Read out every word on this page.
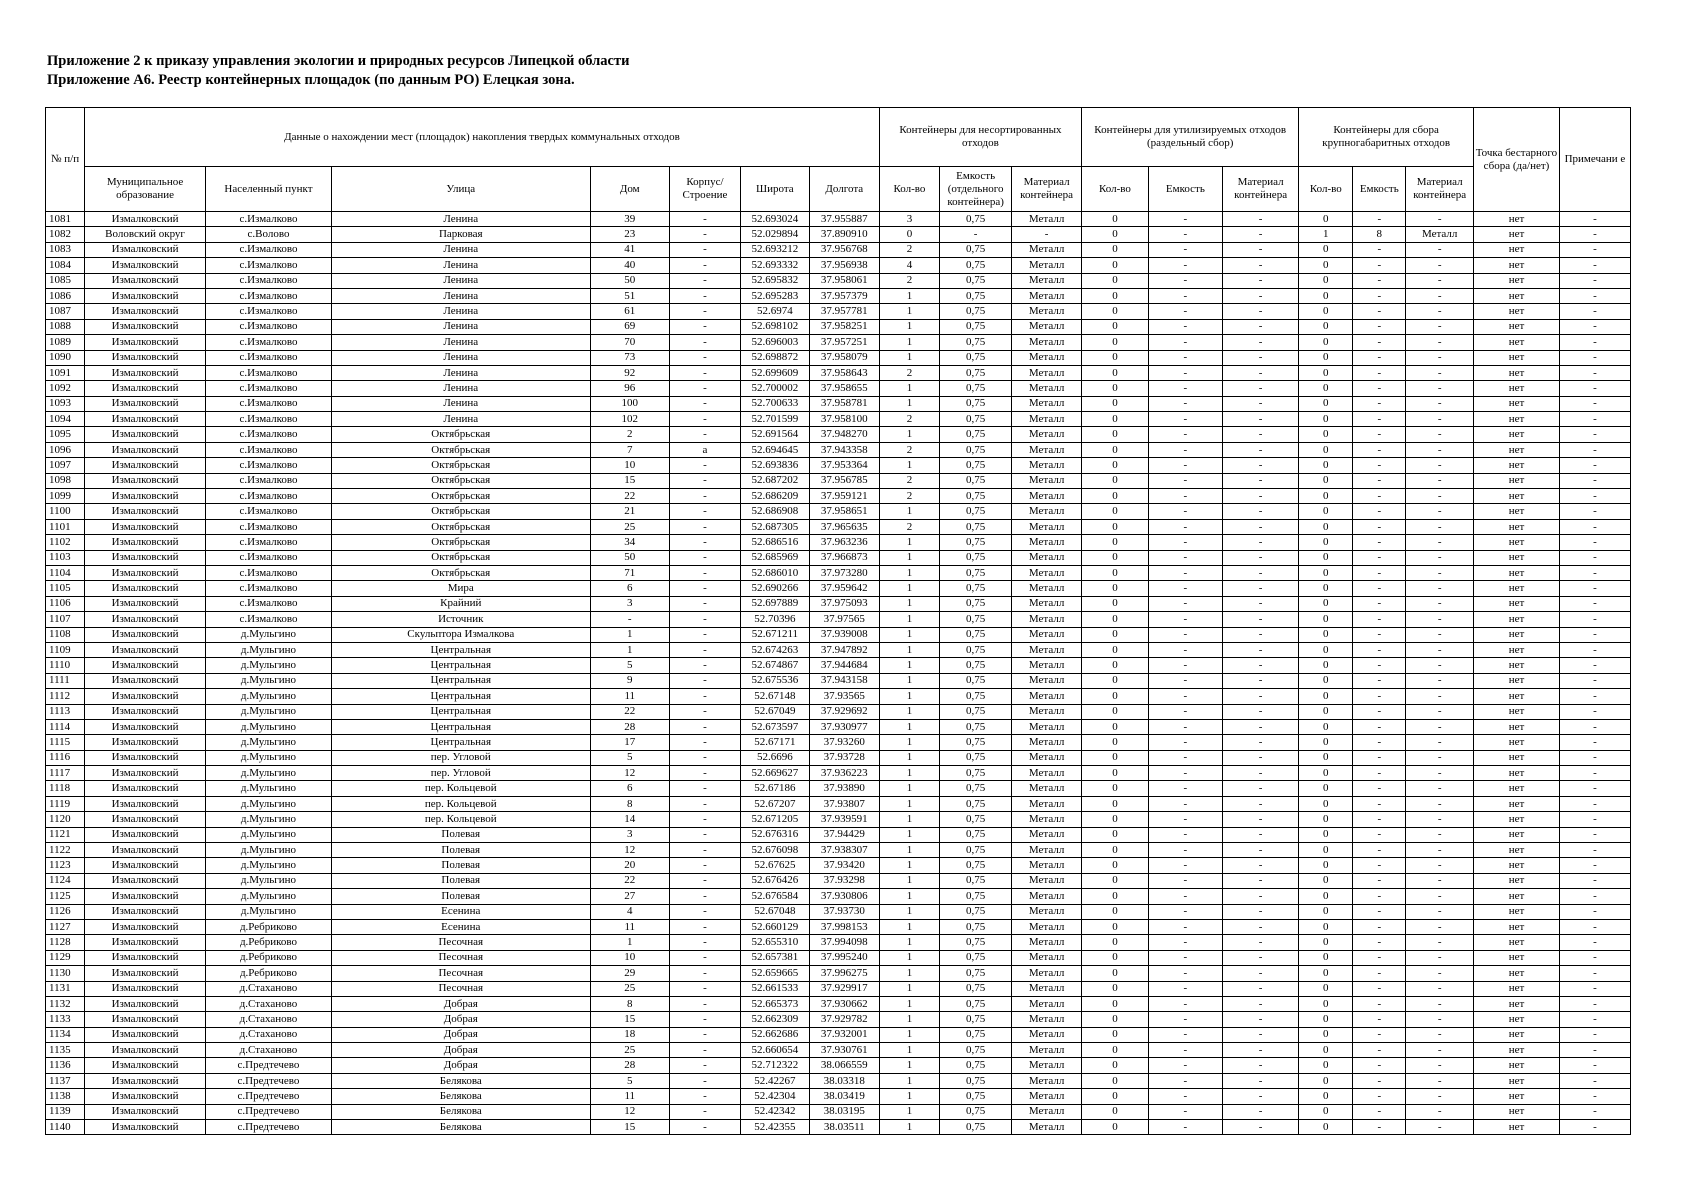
Приложение 2 к приказу управления экологии и природных ресурсов Липецкой области
Приложение А6. Реестр контейнерных площадок (по данным РО) Елецкая зона.
№ п/п	Данные о нахождении мест (площадок) накопления твердых коммунальных отходов							Контейнеры для несортированных отходов			Контейнеры для утилизируемых отходов (раздельный сбор)			Контейнеры для сбора крупногабаритных отходов			Точка бестарного сбора (да/нет)	Примечани е
	Муниципальное образование	Населенный пункт	Улица	Дом	Корпус/ Строение	Широта	Долгота	Кол-во	Емкость (отдельного контейнера)	Материал контейнера	Кол-во	Емкость	Материал контейнера	Кол-во	Емкость	Материал контейнера		
1081	Измалковский	с.Измалково	Ленина	39	-	52.693024	37.955887	3	0,75	Металл	0	-	-	0	-	-	нет	-
1082	Воловский округ	с.Волово	Парковая	23	-	52.029894	37.890910	0	-	-	0	-	-	1	8	Металл	нет	-
1083	Измалковский	с.Измалково	Ленина	41	-	52.693212	37.956768	2	0,75	Металл	0	-	-	0	-	-	нет	-
1084	Измалковский	с.Измалково	Ленина	40	-	52.693332	37.956938	4	0,75	Металл	0	-	-	0	-	-	нет	-
1085	Измалковский	с.Измалково	Ленина	50	-	52.695832	37.958061	2	0,75	Металл	0	-	-	0	-	-	нет	-
1086	Измалковский	с.Измалково	Ленина	51	-	52.695283	37.957379	1	0,75	Металл	0	-	-	0	-	-	нет	-
1087	Измалковский	с.Измалково	Ленина	61	-	52.6974	37.957781	1	0,75	Металл	0	-	-	0	-	-	нет	-
1088	Измалковский	с.Измалково	Ленина	69	-	52.698102	37.958251	1	0,75	Металл	0	-	-	0	-	-	нет	-
1089	Измалковский	с.Измалково	Ленина	70	-	52.696003	37.957251	1	0,75	Металл	0	-	-	0	-	-	нет	-
1090	Измалковский	с.Измалково	Ленина	73	-	52.698872	37.958079	1	0,75	Металл	0	-	-	0	-	-	нет	-
1091	Измалковский	с.Измалково	Ленина	92	-	52.699609	37.958643	2	0,75	Металл	0	-	-	0	-	-	нет	-
1092	Измалковский	с.Измалково	Ленина	96	-	52.700002	37.958655	1	0,75	Металл	0	-	-	0	-	-	нет	-
1093	Измалковский	с.Измалково	Ленина	100	-	52.700633	37.958781	1	0,75	Металл	0	-	-	0	-	-	нет	-
1094	Измалковский	с.Измалково	Ленина	102	-	52.701599	37.958100	2	0,75	Металл	0	-	-	0	-	-	нет	-
1095	Измалковский	с.Измалково	Октябрьская	2	-	52.691564	37.948270	1	0,75	Металл	0	-	-	0	-	-	нет	-
1096	Измалковский	с.Измалково	Октябрьская	7	а	52.694645	37.943358	2	0,75	Металл	0	-	-	0	-	-	нет	-
1097	Измалковский	с.Измалково	Октябрьская	10	-	52.693836	37.953364	1	0,75	Металл	0	-	-	0	-	-	нет	-
1098	Измалковский	с.Измалково	Октябрьская	15	-	52.687202	37.956785	2	0,75	Металл	0	-	-	0	-	-	нет	-
1099	Измалковский	с.Измалково	Октябрьская	22	-	52.686209	37.959121	2	0,75	Металл	0	-	-	0	-	-	нет	-
1100	Измалковский	с.Измалково	Октябрьская	21	-	52.686908	37.958651	1	0,75	Металл	0	-	-	0	-	-	нет	-
1101	Измалковский	с.Измалково	Октябрьская	25	-	52.687305	37.965635	2	0,75	Металл	0	-	-	0	-	-	нет	-
1102	Измалковский	с.Измалково	Октябрьская	34	-	52.686516	37.963236	1	0,75	Металл	0	-	-	0	-	-	нет	-
1103	Измалковский	с.Измалково	Октябрьская	50	-	52.685969	37.966873	1	0,75	Металл	0	-	-	0	-	-	нет	-
1104	Измалковский	с.Измалково	Октябрьская	71	-	52.686010	37.973280	1	0,75	Металл	0	-	-	0	-	-	нет	-
1105	Измалковский	с.Измалково	Мира	6	-	52.690266	37.959642	1	0,75	Металл	0	-	-	0	-	-	нет	-
1106	Измалковский	с.Измалково	Крайний	3	-	52.697889	37.975093	1	0,75	Металл	0	-	-	0	-	-	нет	-
1107	Измалковский	с.Измалково	Источник	-	-	52.70396	37.97565	1	0,75	Металл	0	-	-	0	-	-	нет	-
1108	Измалковский	д.Мульгино	Скульптора Измалкова	1	-	52.671211	37.939008	1	0,75	Металл	0	-	-	0	-	-	нет	-
1109	Измалковский	д.Мульгино	Центральная	1	-	52.674263	37.947892	1	0,75	Металл	0	-	-	0	-	-	нет	-
1110	Измалковский	д.Мульгино	Центральная	5	-	52.674867	37.944684	1	0,75	Металл	0	-	-	0	-	-	нет	-
1111	Измалковский	д.Мульгино	Центральная	9	-	52.675536	37.943158	1	0,75	Металл	0	-	-	0	-	-	нет	-
1112	Измалковский	д.Мульгино	Центральная	11	-	52.67148	37.93565	1	0,75	Металл	0	-	-	0	-	-	нет	-
1113	Измалковский	д.Мульгино	Центральная	22	-	52.67049	37.929692	1	0,75	Металл	0	-	-	0	-	-	нет	-
1114	Измалковский	д.Мульгино	Центральная	28	-	52.673597	37.930977	1	0,75	Металл	0	-	-	0	-	-	нет	-
1115	Измалковский	д.Мульгино	Центральная	17	-	52.67171	37.93260	1	0,75	Металл	0	-	-	0	-	-	нет	-
1116	Измалковский	д.Мульгино	пер. Угловой	5	-	52.6696	37.93728	1	0,75	Металл	0	-	-	0	-	-	нет	-
1117	Измалковский	д.Мульгино	пер. Угловой	12	-	52.669627	37.936223	1	0,75	Металл	0	-	-	0	-	-	нет	-
1118	Измалковский	д.Мульгино	пер. Кольцевой	6	-	52.67186	37.93890	1	0,75	Металл	0	-	-	0	-	-	нет	-
1119	Измалковский	д.Мульгино	пер. Кольцевой	8	-	52.67207	37.93807	1	0,75	Металл	0	-	-	0	-	-	нет	-
1120	Измалковский	д.Мульгино	пер. Кольцевой	14	-	52.671205	37.939591	1	0,75	Металл	0	-	-	0	-	-	нет	-
1121	Измалковский	д.Мульгино	Полевая	3	-	52.676316	37.94429	1	0,75	Металл	0	-	-	0	-	-	нет	-
1122	Измалковский	д.Мульгино	Полевая	12	-	52.676098	37.938307	1	0,75	Металл	0	-	-	0	-	-	нет	-
1123	Измалковский	д.Мульгино	Полевая	20	-	52.67625	37.93420	1	0,75	Металл	0	-	-	0	-	-	нет	-
1124	Измалковский	д.Мульгино	Полевая	22	-	52.676426	37.93298	1	0,75	Металл	0	-	-	0	-	-	нет	-
1125	Измалковский	д.Мульгино	Полевая	27	-	52.676584	37.930806	1	0,75	Металл	0	-	-	0	-	-	нет	-
1126	Измалковский	д.Мульгино	Есенина	4	-	52.67048	37.93730	1	0,75	Металл	0	-	-	0	-	-	нет	-
1127	Измалковский	д.Ребриково	Есенина	11	-	52.660129	37.998153	1	0,75	Металл	0	-	-	0	-	-	нет	-
1128	Измалковский	д.Ребриково	Песочная	1	-	52.655310	37.994098	1	0,75	Металл	0	-	-	0	-	-	нет	-
1129	Измалковский	д.Ребриково	Песочная	10	-	52.657381	37.995240	1	0,75	Металл	0	-	-	0	-	-	нет	-
1130	Измалковский	д.Ребриково	Песочная	29	-	52.659665	37.996275	1	0,75	Металл	0	-	-	0	-	-	нет	-
1131	Измалковский	д.Стаханово	Песочная	25	-	52.661533	37.929917	1	0,75	Металл	0	-	-	0	-	-	нет	-
1132	Измалковский	д.Стаханово	Добрая	8	-	52.665373	37.930662	1	0,75	Металл	0	-	-	0	-	-	нет	-
1133	Измалковский	д.Стаханово	Добрая	15	-	52.662309	37.929782	1	0,75	Металл	0	-	-	0	-	-	нет	-
1134	Измалковский	д.Стаханово	Добрая	18	-	52.662686	37.932001	1	0,75	Металл	0	-	-	0	-	-	нет	-
1135	Измалковский	д.Стаханово	Добрая	25	-	52.660654	37.930761	1	0,75	Металл	0	-	-	0	-	-	нет	-
1136	Измалковский	с.Предтечево	Добрая	28	-	52.712322	38.066559	1	0,75	Металл	0	-	-	0	-	-	нет	-
1137	Измалковский	с.Предтечево	Белякова	5	-	52.42267	38.03318	1	0,75	Металл	0	-	-	0	-	-	нет	-
1138	Измалковский	с.Предтечево	Белякова	11	-	52.42304	38.03419	1	0,75	Металл	0	-	-	0	-	-	нет	-
1139	Измалковский	с.Предтечево	Белякова	12	-	52.42342	38.03195	1	0,75	Металл	0	-	-	0	-	-	нет	-
1140	Измалковский	с.Предтечево	Белякова	15	-	52.42355	38.03511	1	0,75	Металл	0	-	-	0	-	-	нет	-
